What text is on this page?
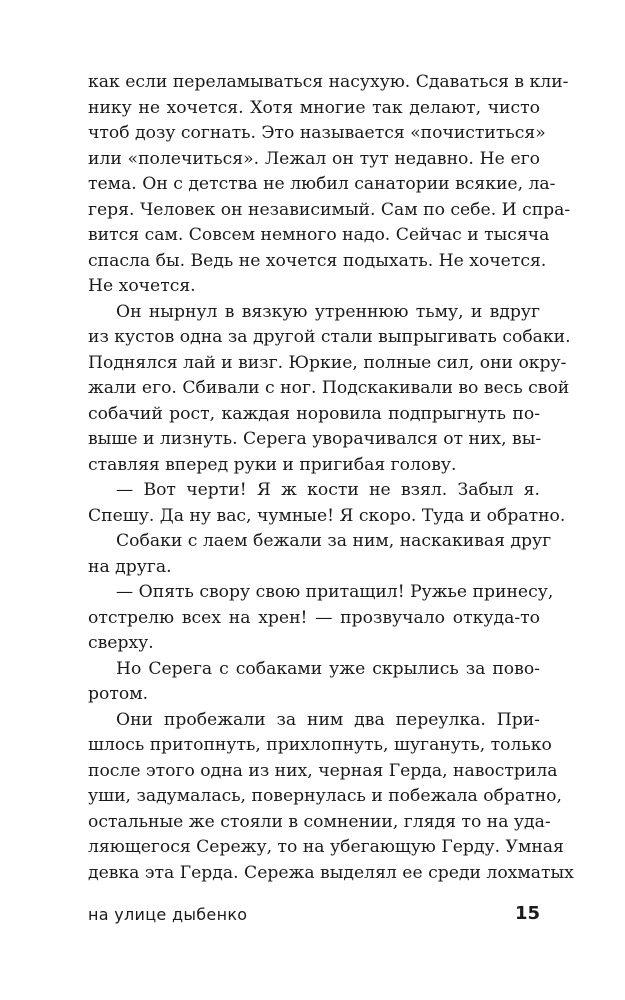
как если переламываться насухую. Сдаваться в кли-
нику не хочется. Хотя многие так делают, чисто
чтоб дозу согнать. Это называется «почиститься»
или «полечиться». Лежал он тут недавно. Не его
тема. Он с детства не любил санатории всякие, ла-
геря. Человек он независимый. Сам по себе. И спра-
вится сам. Совсем немного надо. Сейчас и тысяча
спасла бы. Ведь не хочется подыхать. Не хочется.
Не хочется.
Он нырнул в вязкую утреннюю тьму, и вдруг
из кустов одна за другой стали выпрыгивать собаки.
Поднялся лай и визг. Юркие, полные сил, они окру-
жали его. Сбивали с ног. Подскакивали во весь свой
собачий рост, каждая норовила подпрыгнуть по-
выше и лизнуть. Серега уворачивался от них, вы-
ставляя вперед руки и пригибая голову.
— Вот черти! Я ж кости не взял. Забыл я.
Спешу. Да ну вас, чумные! Я скоро. Туда и обратно.
Собаки с лаем бежали за ним, наскакивая друг
на друга.
— Опять свору свою притащил! Ружье принесу,
отстрелю всех на хрен! — прозвучало откуда-то
сверху.
Но Серега с собаками уже скрылись за пово-
ротом.
Они пробежали за ним два переулка. При-
шлось притопнуть, прихлопнуть, шугануть, только
после этого одна из них, черная Герда, навострила
уши, задумалась, повернулась и побежала обратно,
остальные же стояли в сомнении, глядя то на уда-
ляющегося Сережу, то на убегающую Герду. Умная
девка эта Герда. Сережа выделял ее среди лохматых
на улице дыбенко	15
